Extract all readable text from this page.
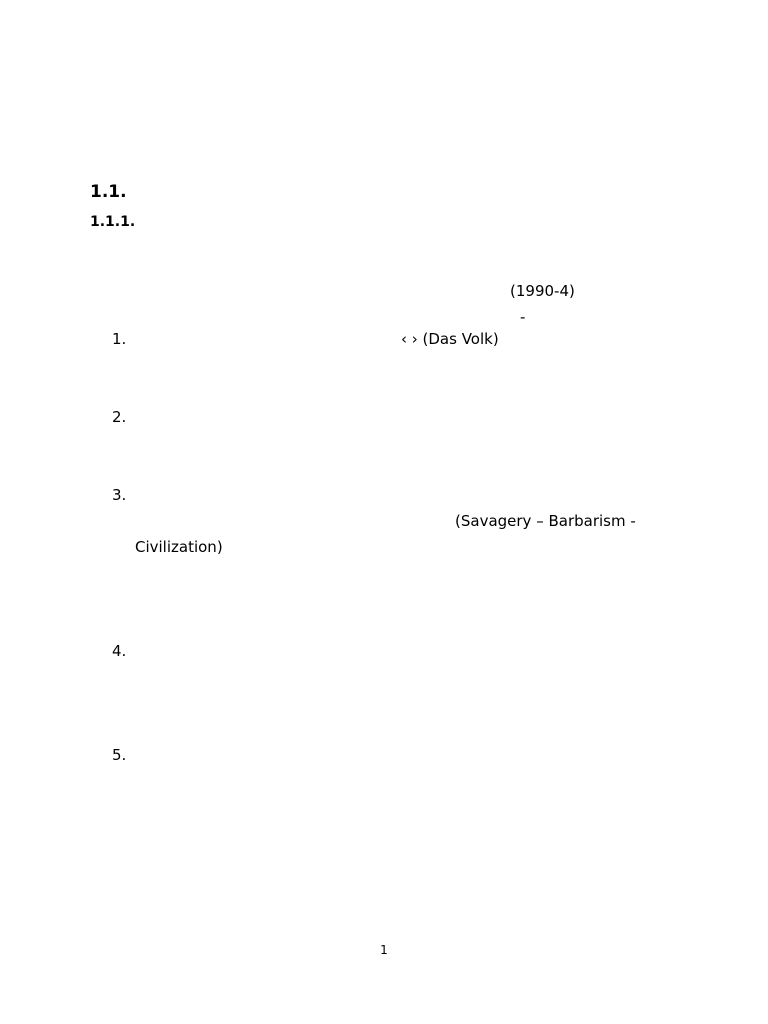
1.1.
1.1.1.
(1990‑4)
-
1.	‹ › (Das Volk)
2.
3.
(Savagery – Barbarism -
Civilization)
4.
5.
1
